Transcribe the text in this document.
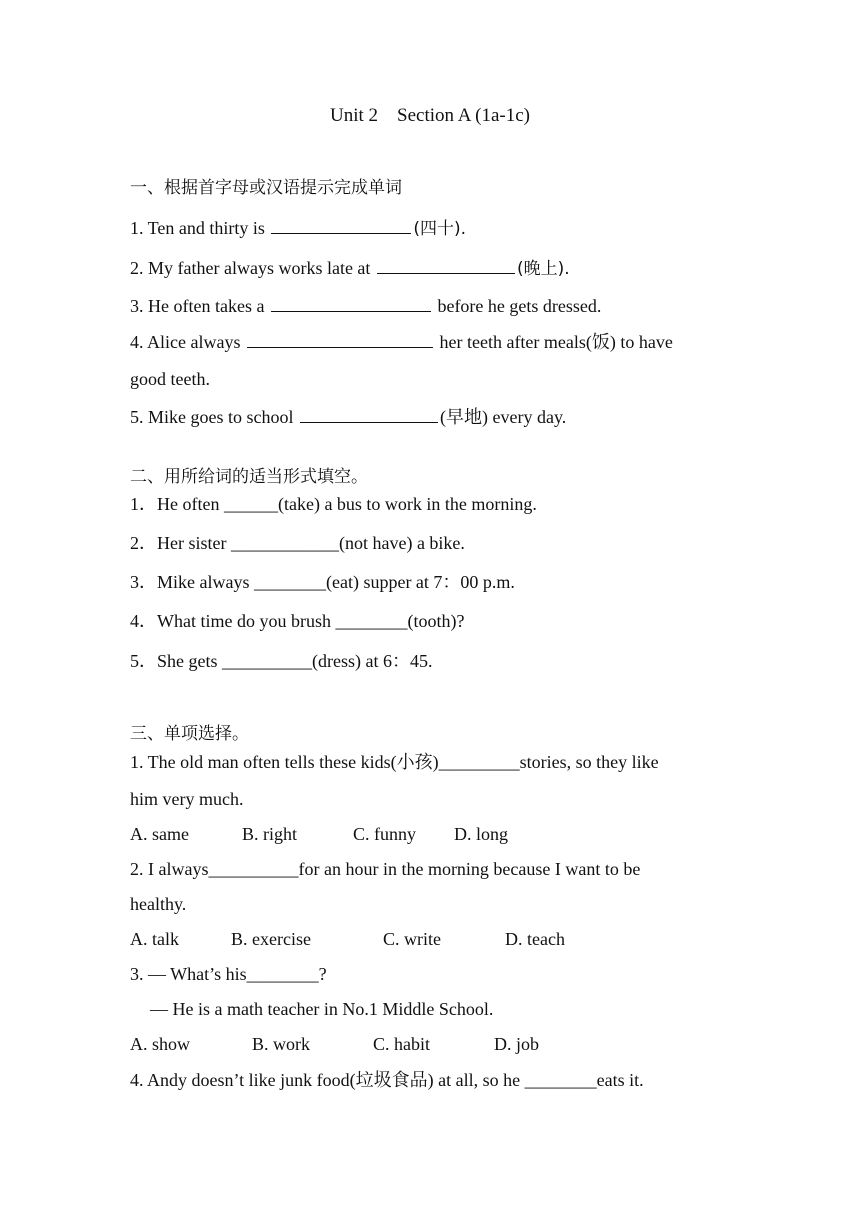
Unit 2 Section A (1a-1c)
一、根据首字母或汉语提示完成单词
1. Ten and thirty is	(四十).
2. My father always works late at	(晚上).
3. He often takes a	before he gets dressed.
4. Alice always	her teeth after meals(饭) to have
good teeth.
5. Mike goes to school	(早地) every day.
二、用所给词的适当形式填空。
1．He often ______(take) a bus to work in the morning.
2．Her sister ____________(not have) a bike.
3．Mike always ________(eat) supper at 7：00 p.m.
4．What time do you brush ________(tooth)?
5．She gets __________(dress) at 6：45.
三、单项选择。
1. The old man often tells these kids(小孩)_________stories, so they like
him very much.
A. same	B. right	C. funny D. long
2. I always__________for an hour in the morning because I want to be
healthy.
A. talk	B. exercise	C. write	D. teach
3. — What’s his________?
— He is a math teacher in No.1 Middle School.
A. show	B. work	C. habit	D. job
4. Andy doesn’t like junk food(垃圾食品) at all, so he ________eats it.
